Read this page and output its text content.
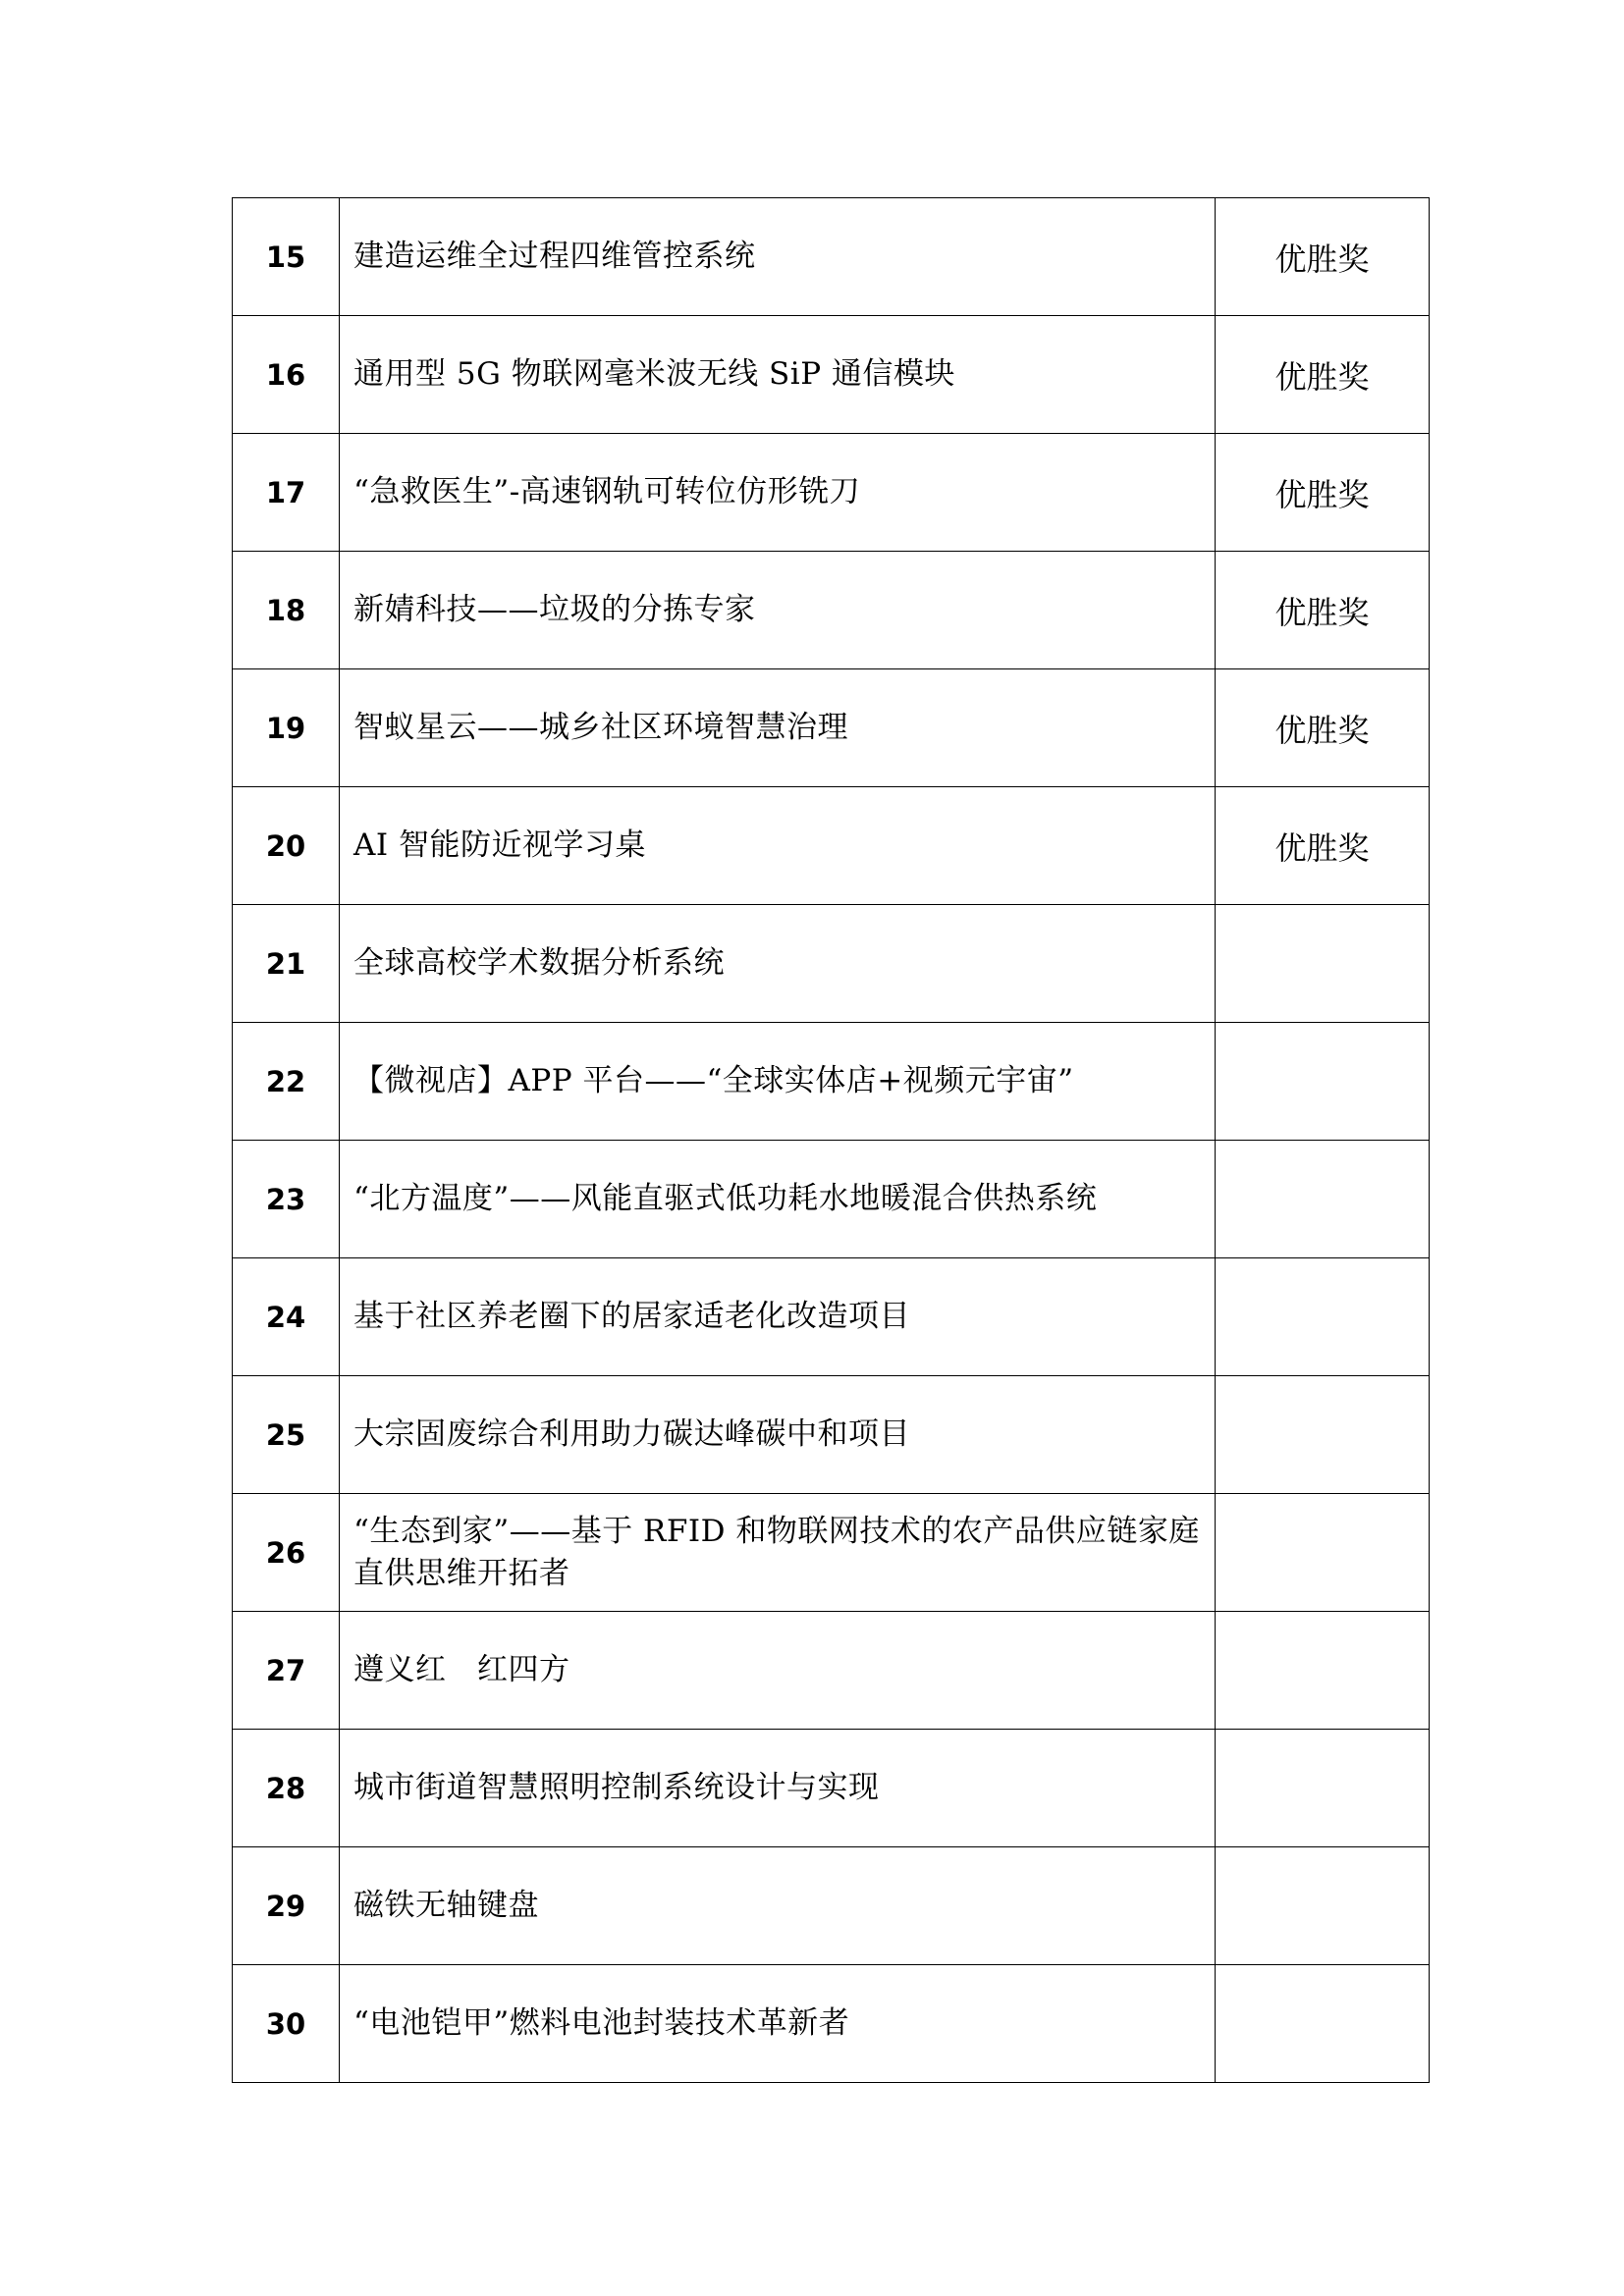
15	建造运维全过程四维管控系统	优胜奖
16	通用型 5G 物联网毫米波无线 SiP 通信模块	优胜奖
17	“急救医生”-高速钢轨可转位仿形铣刀	优胜奖
18	新婧科技——垃圾的分拣专家	优胜奖
19	智蚁星云——城乡社区环境智慧治理	优胜奖
20	AI 智能防近视学习桌	优胜奖
21	全球高校学术数据分析系统	
22	【微视店】APP 平台——“全球实体店+视频元宇宙”	
23	“北方温度”——风能直驱式低功耗水地暖混合供热系统	
24	基于社区养老圈下的居家适老化改造项目	
25	大宗固废综合利用助力碳达峰碳中和项目	
26	“生态到家”——基于 RFID 和物联网技术的农产品供应链家庭直供思维开拓者	
27	遵义红　红四方	
28	城市街道智慧照明控制系统设计与实现	
29	磁铁无轴键盘	
30	“电池铠甲”燃料电池封装技术革新者	
